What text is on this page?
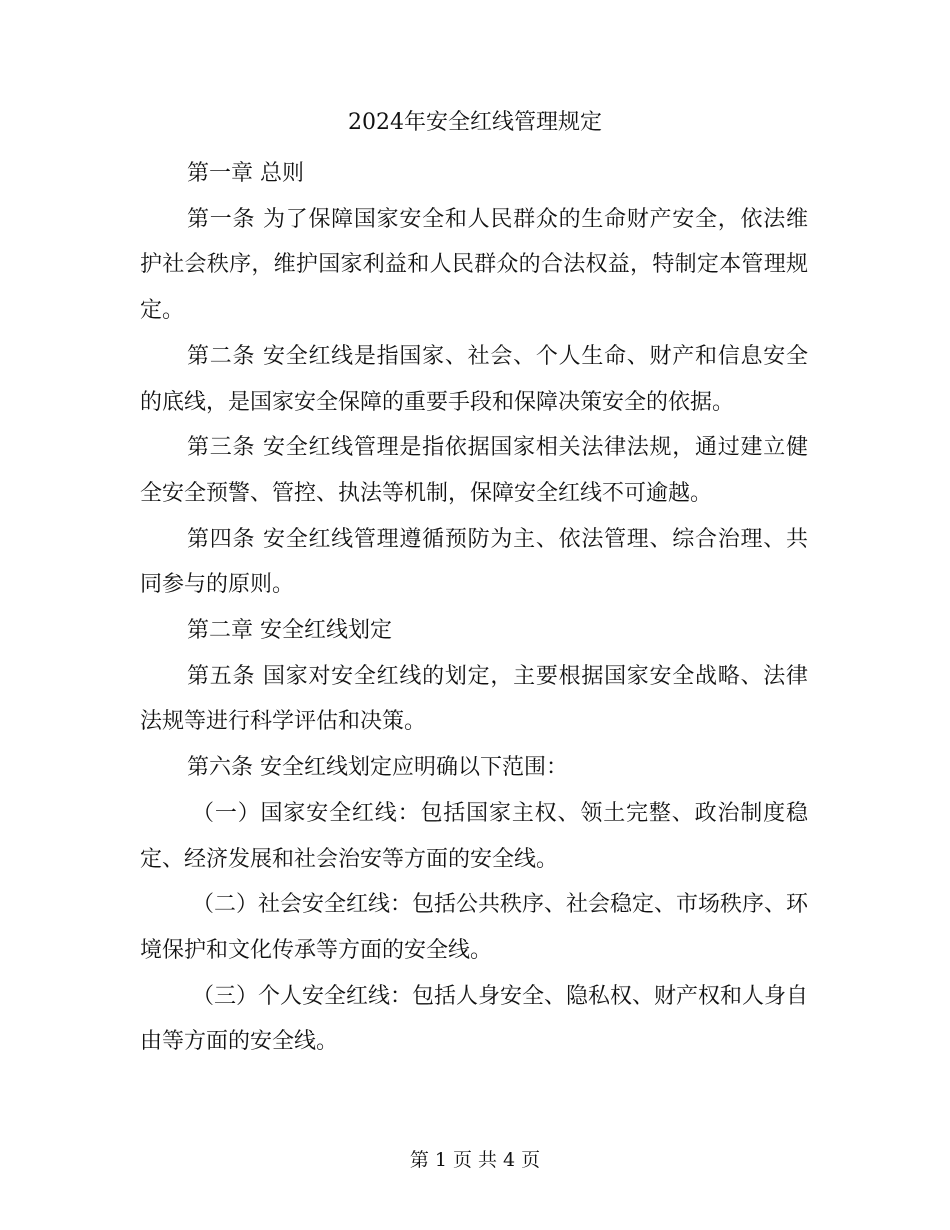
2024年安全红线管理规定

第一章 总则

第一条 为了保障国家安全和人民群众的生命财产安全，依法维护社会秩序，维护国家利益和人民群众的合法权益，特制定本管理规定。

第二条 安全红线是指国家、社会、个人生命、财产和信息安全的底线，是国家安全保障的重要手段和保障决策安全的依据。

第三条 安全红线管理是指依据国家相关法律法规，通过建立健全安全预警、管控、执法等机制，保障安全红线不可逾越。

第四条 安全红线管理遵循预防为主、依法管理、综合治理、共同参与的原则。

第二章 安全红线划定

第五条 国家对安全红线的划定，主要根据国家安全战略、法律法规等进行科学评估和决策。

第六条 安全红线划定应明确以下范围：

（一）国家安全红线：包括国家主权、领土完整、政治制度稳定、经济发展和社会治安等方面的安全线。

（二）社会安全红线：包括公共秩序、社会稳定、市场秩序、环境保护和文化传承等方面的安全线。

（三）个人安全红线：包括人身安全、隐私权、财产权和人身自由等方面的安全线。

第 1 页 共 4 页
